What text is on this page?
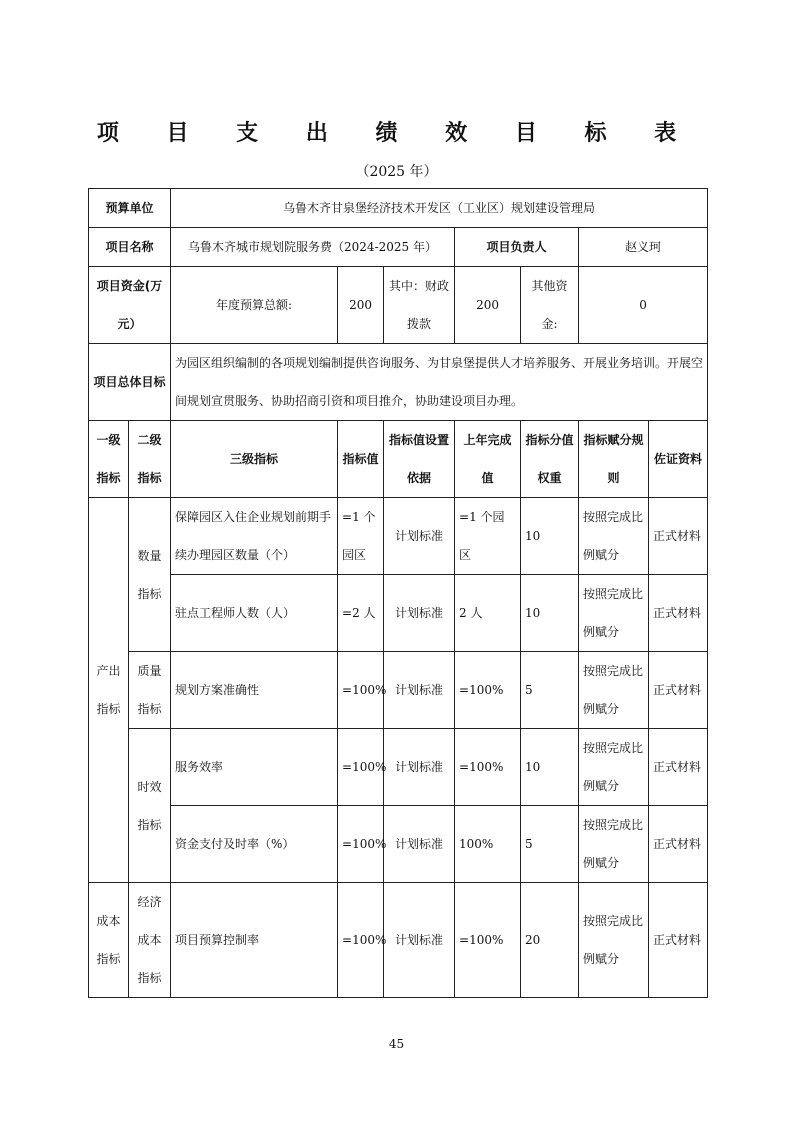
项 目 支 出 绩 效 目 标 表
（2025 年）
预算单位		乌鲁木齐甘泉堡经济技术开发区（工业区）规划建设管理局						
项目名称		乌鲁木齐城市规划院服务费（2024-2025 年）			项目负责人		赵义珂	
项目资金(万元）		年度预算总额:	200	其中：财政拨款	200	其他资金:	0	
项目总体目标		为园区组织编制的各项规划编制提供咨询服务、为甘泉堡提供人才培养服务、开展业务培训。开展空间规划宣贯服务、协助招商引资和项目推介，协助建设项目办理。						
一级指标	二级指标	三级指标	指标值	指标值设置依据	上年完成值	指标分值权重	指标赋分规则	佐证资料
产出指标	数量指标	保障园区入住企业规划前期手续办理园区数量（个）	=1 个园区	计划标准	=1 个园区	10	按照完成比例赋分	正式材料
		驻点工程师人数（人）	=2 人	计划标准	2 人	10	按照完成比例赋分	正式材料
	质量指标	规划方案准确性	=100%	计划标准	=100%	5	按照完成比例赋分	正式材料
	时效指标	服务效率	=100%	计划标准	=100%	10	按照完成比例赋分	正式材料
		资金支付及时率（%）	=100%	计划标准	100%	5	按照完成比例赋分	正式材料
成本指标	经济成本指标	项目预算控制率	=100%	计划标准	=100%	20	按照完成比例赋分	正式材料
45
